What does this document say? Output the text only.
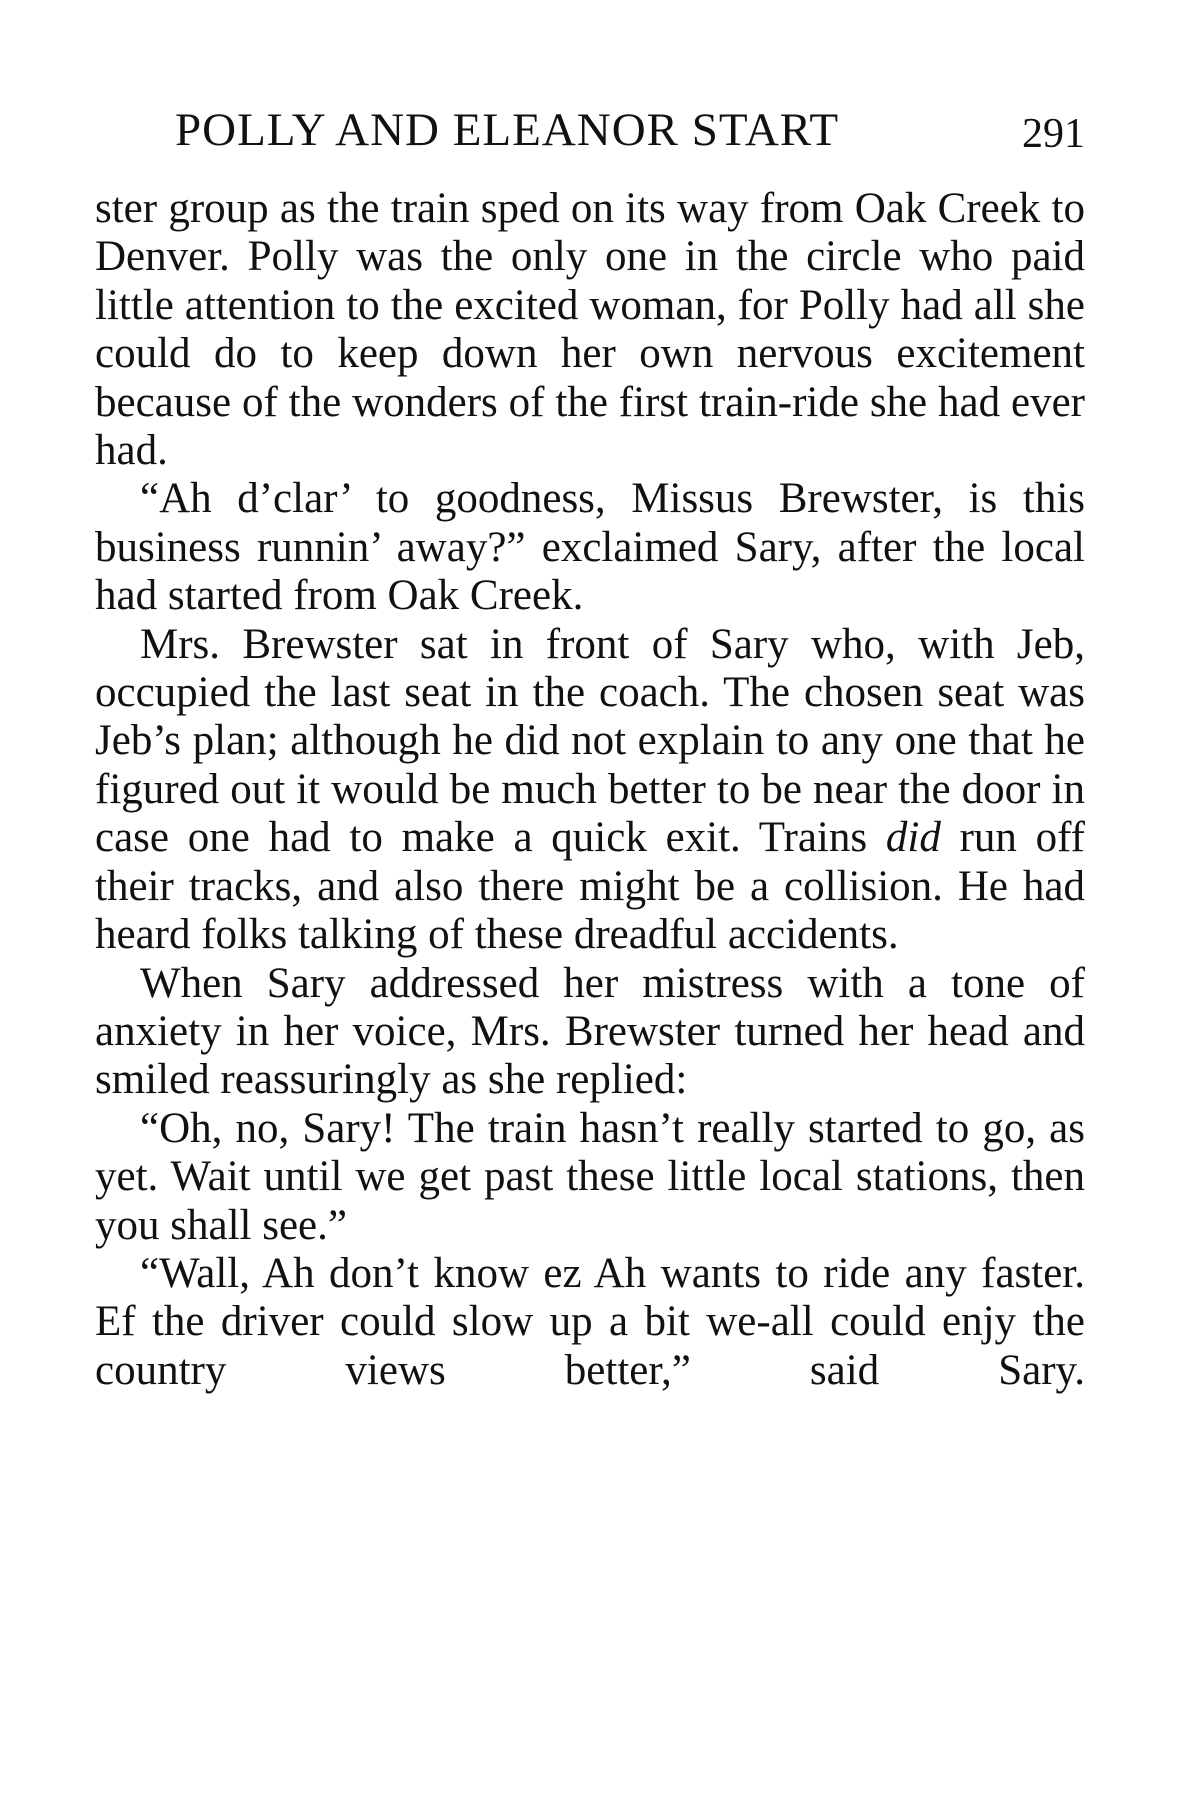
POLLY AND ELEANOR START	291

ster group as the train sped on its way from Oak Creek to Denver. Polly was the only one in the circle who paid little attention to the excited woman, for Polly had all she could do to keep down her own nervous excitement because of the wonders of the first train-ride she had ever had.

“Ah d’clar’ to goodness, Missus Brewster, is this business runnin’ away?” exclaimed Sary, after the local had started from Oak Creek.

Mrs. Brewster sat in front of Sary who, with Jeb, occupied the last seat in the coach. The chosen seat was Jeb’s plan; although he did not explain to any one that he figured out it would be much better to be near the door in case one had to make a quick exit. Trains did run off their tracks, and also there might be a collision. He had heard folks talking of these dreadful accidents.

When Sary addressed her mistress with a tone of anxiety in her voice, Mrs. Brewster turned her head and smiled reassuringly as she replied:

“Oh, no, Sary! The train hasn’t really started to go, as yet. Wait until we get past these little local stations, then you shall see.”

“Wall, Ah don’t know ez Ah wants to ride any faster. Ef the driver could slow up a bit we-all could enjy the country views better,” said Sary.
